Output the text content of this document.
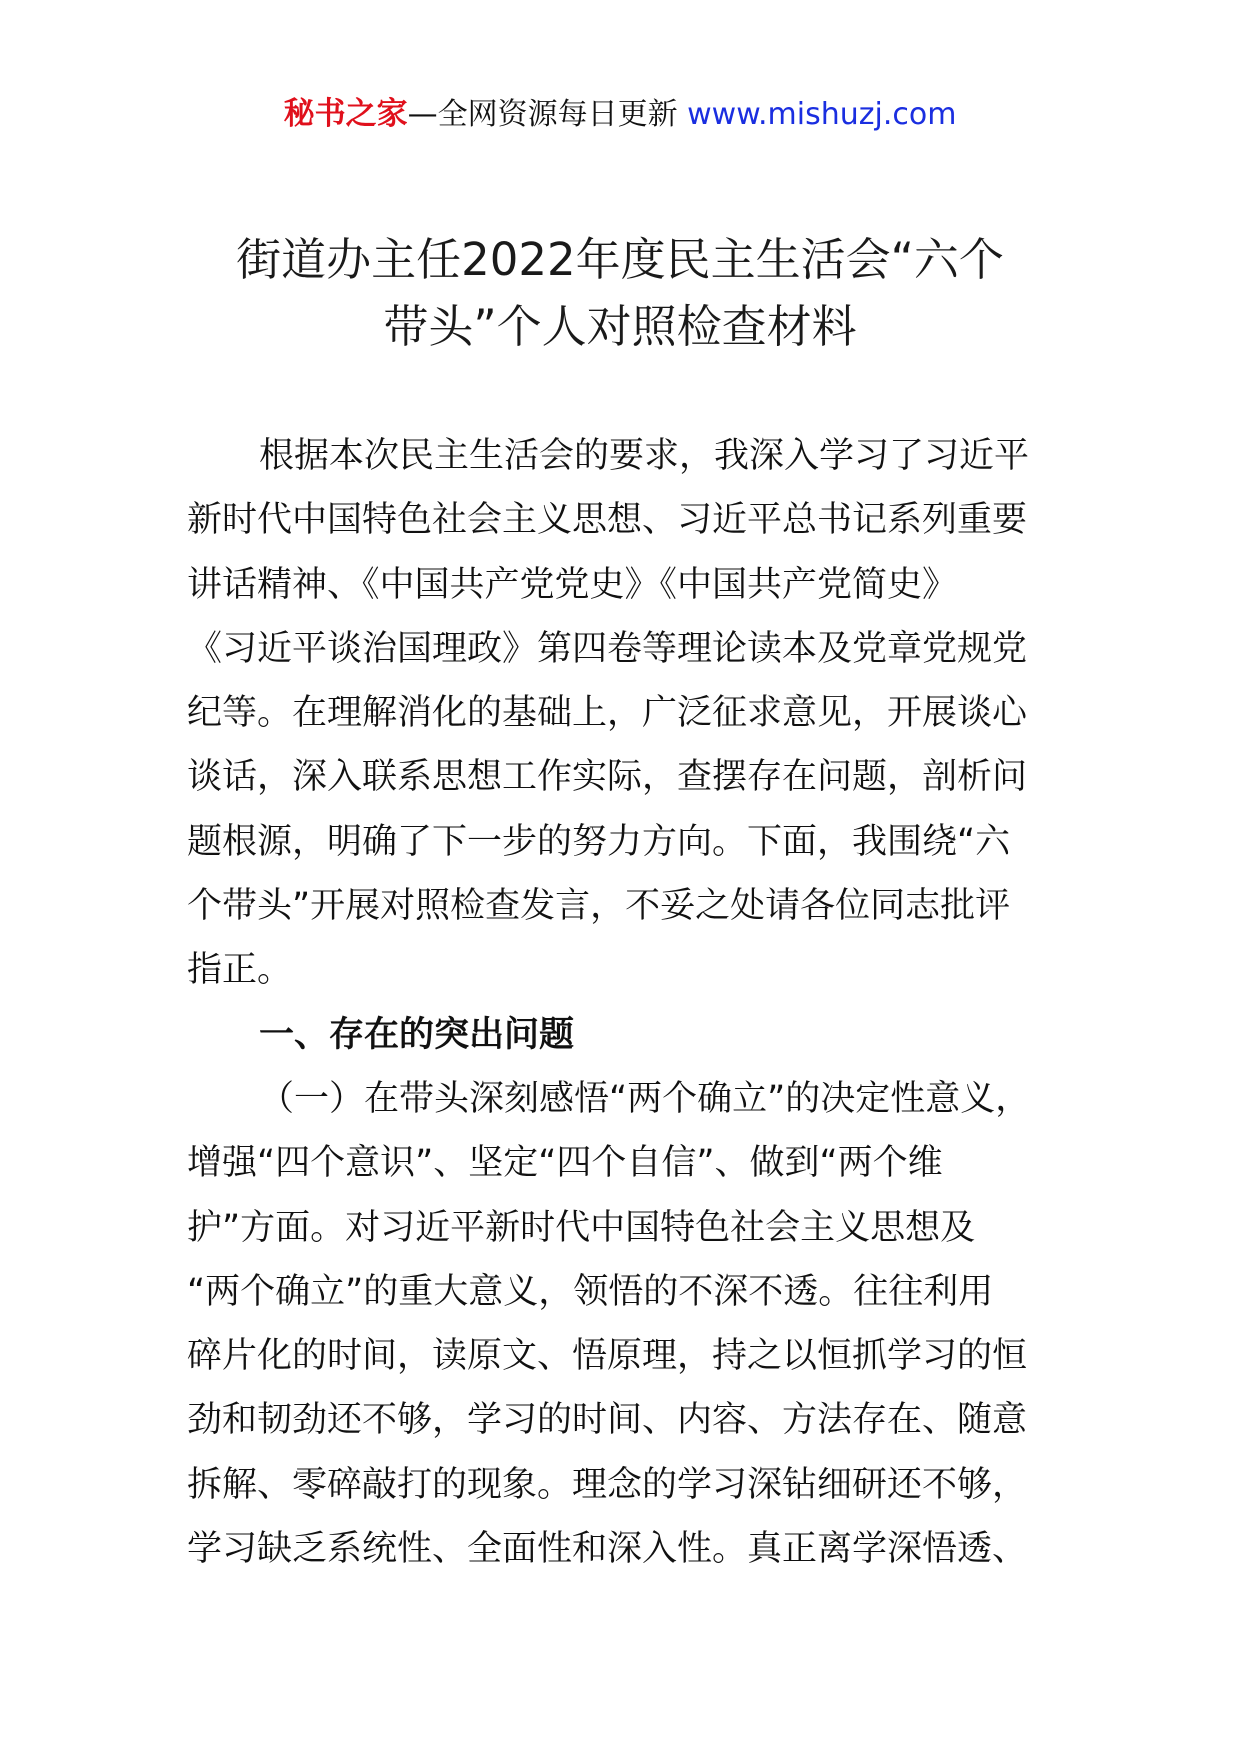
秘书之家—全网资源每日更新 www.mishuzj.com
街道办主任2022年度民主生活会“六个
带头”个人对照检查材料
根据本次民主生活会的要求，我深入学习了习近平
新时代中国特色社会主义思想、习近平总书记系列重要
讲话精神、《中国共产党党史》《中国共产党简史》
《习近平谈治国理政》第四卷等理论读本及党章党规党
纪等。在理解消化的基础上，广泛征求意见，开展谈心
谈话，深入联系思想工作实际，查摆存在问题，剖析问
题根源，明确了下一步的努力方向。下面，我围绕“六
个带头”开展对照检查发言，不妥之处请各位同志批评
指正。
一、存在的突出问题
（一）在带头深刻感悟“两个确立”的决定性意义，
增强“四个意识”、坚定“四个自信”、做到“两个维
护”方面。对习近平新时代中国特色社会主义思想及
“两个确立”的重大意义，领悟的不深不透。往往利用
碎片化的时间，读原文、悟原理，持之以恒抓学习的恒
劲和韧劲还不够，学习的时间、内容、方法存在、随意
拆解、零碎敲打的现象。理念的学习深钻细研还不够，
学习缺乏系统性、全面性和深入性。真正离学深悟透、
